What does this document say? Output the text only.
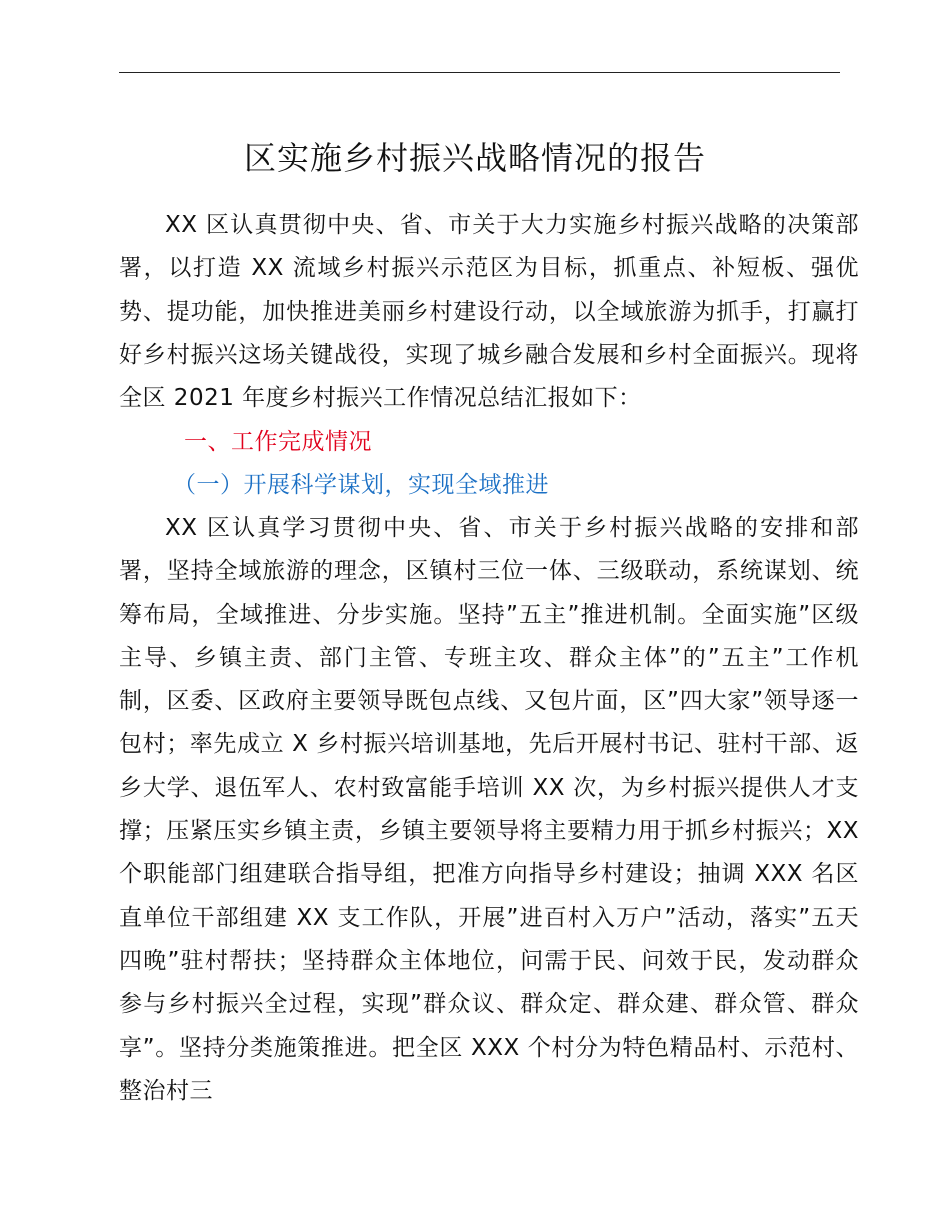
区实施乡村振兴战略情况的报告

XX 区认真贯彻中央、省、市关于大力实施乡村振兴战略的决策部署，以打造 XX 流域乡村振兴示范区为目标，抓重点、补短板、强优势、提功能，加快推进美丽乡村建设行动，以全域旅游为抓手，打赢打好乡村振兴这场关键战役，实现了城乡融合发展和乡村全面振兴。现将全区 2021 年度乡村振兴工作情况总结汇报如下：

一、工作完成情况

（一）开展科学谋划，实现全域推进

XX 区认真学习贯彻中央、省、市关于乡村振兴战略的安排和部署，坚持全域旅游的理念，区镇村三位一体、三级联动，系统谋划、统筹布局，全域推进、分步实施。坚持”五主”推进机制。全面实施”区级主导、乡镇主责、部门主管、专班主攻、群众主体”的”五主”工作机制，区委、区政府主要领导既包点线、又包片面，区”四大家”领导逐一包村；率先成立 X 乡村振兴培训基地，先后开展村书记、驻村干部、返乡大学、退伍军人、农村致富能手培训 XX 次，为乡村振兴提供人才支撑；压紧压实乡镇主责，乡镇主要领导将主要精力用于抓乡村振兴；XX 个职能部门组建联合指导组，把准方向指导乡村建设；抽调 XXX 名区直单位干部组建 XX 支工作队，开展”进百村入万户”活动，落实”五天四晚”驻村帮扶；坚持群众主体地位，问需于民、问效于民，发动群众参与乡村振兴全过程，实现”群众议、群众定、群众建、群众管、群众享”。坚持分类施策推进。把全区 XXX 个村分为特色精品村、示范村、整治村三
